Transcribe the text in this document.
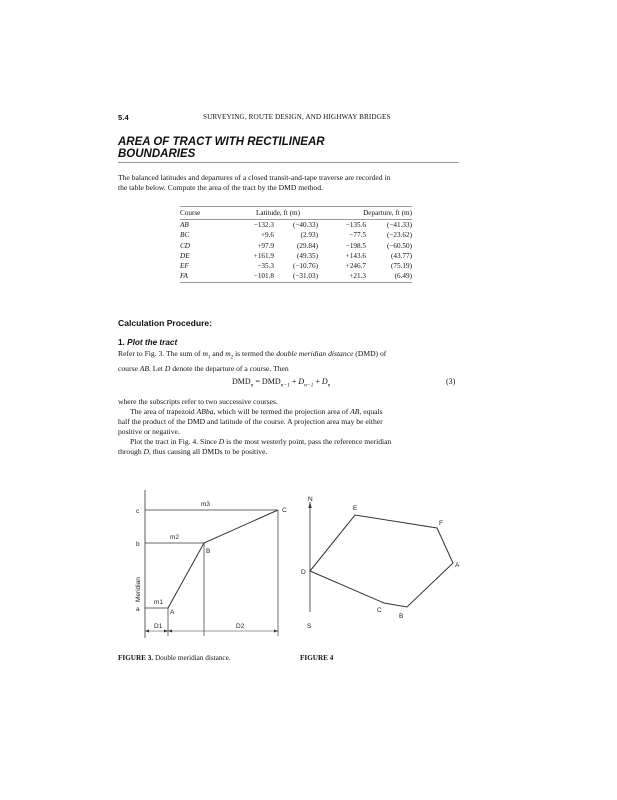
5.4	SURVEYING, ROUTE DESIGN, AND HIGHWAY BRIDGES
AREA OF TRACT WITH RECTILINEAR
BOUNDARIES
The balanced latitudes and departures of a closed transit-and-tape traverse are recorded in
the table below. Compute the area of the tract by the DMD method.
Course	Latitude, ft (m)		Departure, ft (m)	
AB	−132.3	(−40.33)	−135.6	(−41.33)
BC	+9.6	(2.93)	−77.5	(−23.62)
CD	+97.9	(29.84)	−198.5	(−60.50)
DE	+161.9	(49.35)	+143.6	(43.77)
EF	−35.3	(−10.76)	+246.7	(75.19)
FA	−101.8	(−31.03)	+21.3	(6.49)
Calculation Procedure:
1. Plot the tract
Refer to Fig. 3. The sum of $m_1$ and $m_2$ is termed the double meridian distance (DMD) of
course AB. Let D denote the departure of a course. Then
$DMD_n = DMD_{n-1} + D_{n-1} + D_n$	(3)
where the subscripts refer to two successive courses.
The area of trapezoid ABba, which will be termed the projection area of AB, equals
half the product of the DMD and latitude of the course. A projection area may be either
positive or negative.
Plot the tract in Fig. 4. Since D is the most westerly point, pass the reference meridian
through D, thus causing all DMDs to be positive.
c
b
a
m3
m2
m1
C
B
A
D1	D2
Meridian
N
S
E
F
A
B
C
D
FIGURE 3. Double meridian distance.	FIGURE 4
